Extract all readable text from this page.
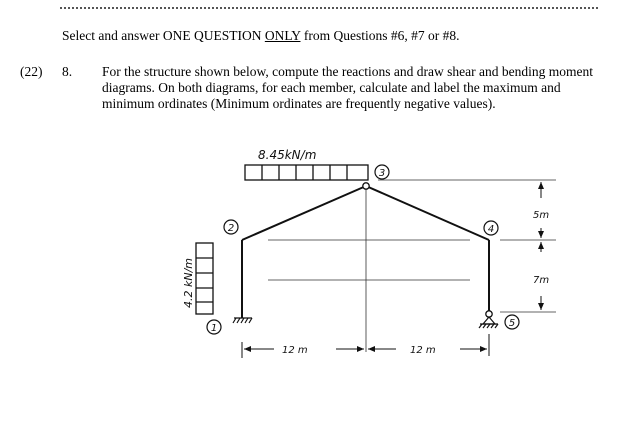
Select and answer ONE QUESTION ONLY from Questions #6, #7 or #8.

(22) 8. For the structure shown below, compute the reactions and draw shear and bending moment diagrams. On both diagrams, for each member, calculate and label the maximum and minimum ordinates (Minimum ordinates are frequently negative values).

8.45kN/m
4.2 kN/m
1
2
3
4
5
12 m	12 m
5m
7m
